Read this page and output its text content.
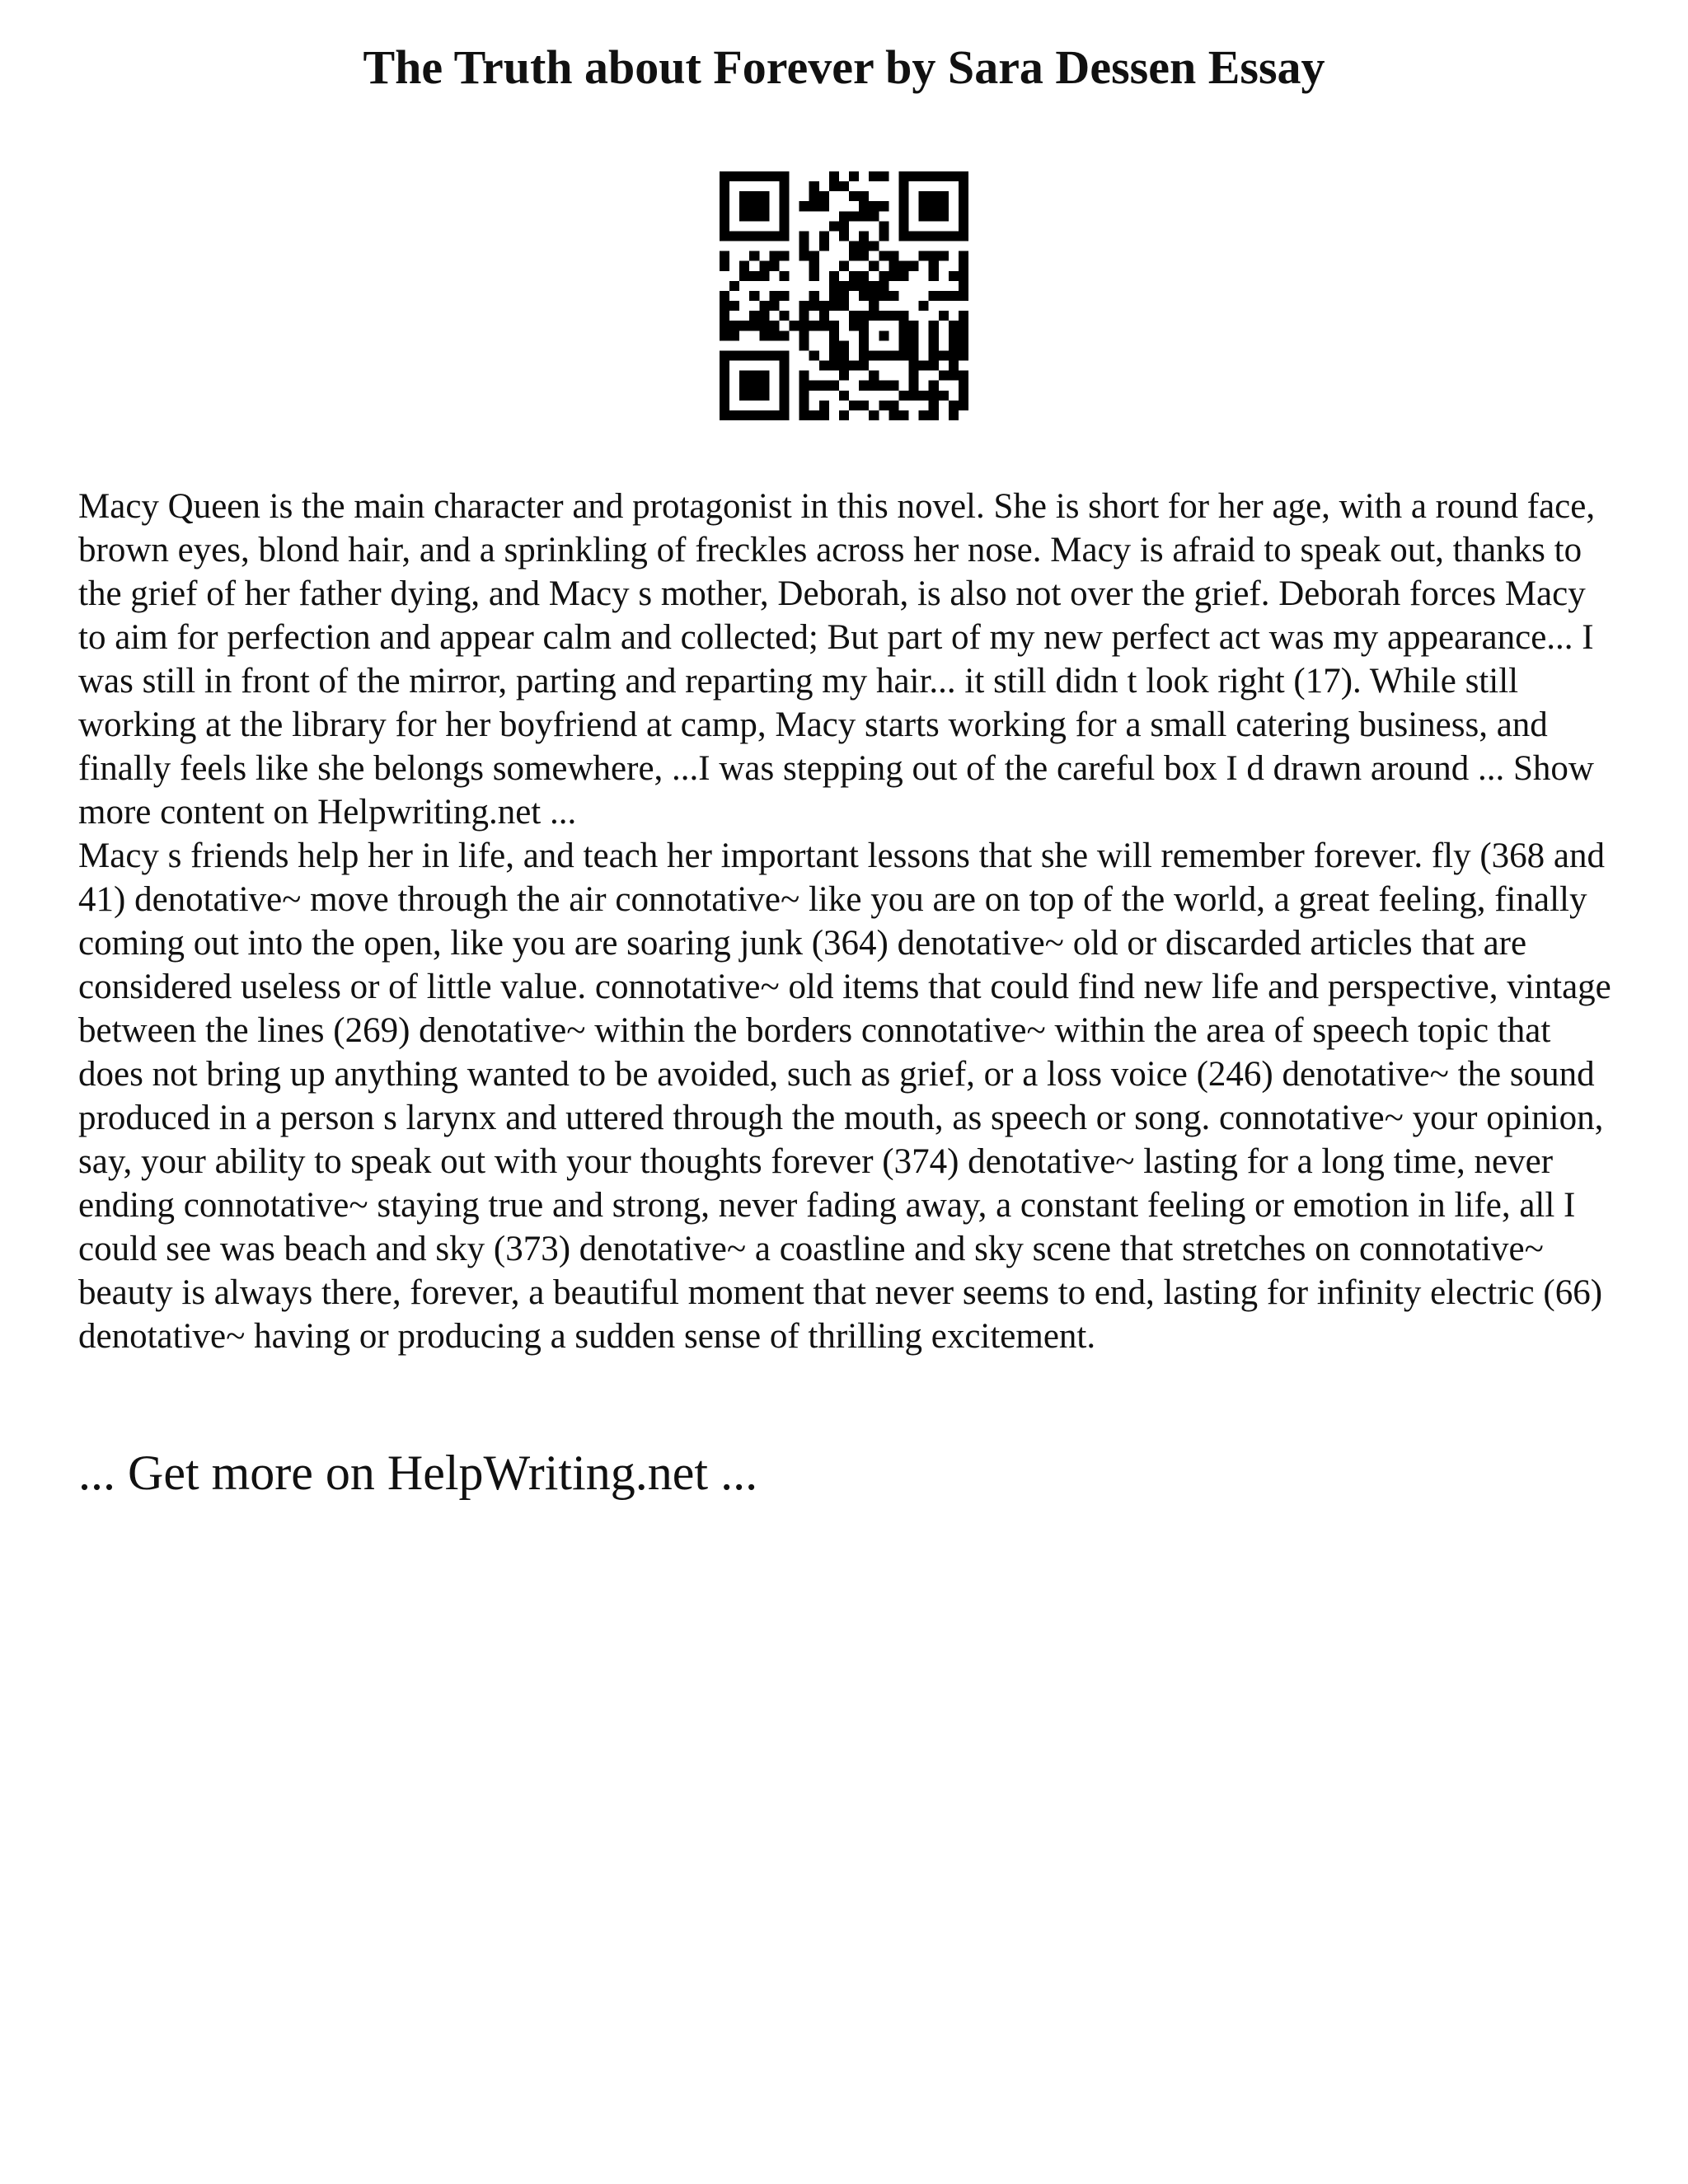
The Truth about Forever by Sara Dessen Essay

Macy Queen is the main character and protagonist in this novel. She is short for her age, with a round face, brown eyes, blond hair, and a sprinkling of freckles across her nose. Macy is afraid to speak out, thanks to the grief of her father dying, and Macy s mother, Deborah, is also not over the grief. Deborah forces Macy to aim for perfection and appear calm and collected; But part of my new perfect act was my appearance... I was still in front of the mirror, parting and reparting my hair... it still didn t look right (17). While still working at the library for her boyfriend at camp, Macy starts working for a small catering business, and finally feels like she belongs somewhere, ...I was stepping out of the careful box I d drawn around ... Show more content on Helpwriting.net ...

Macy s friends help her in life, and teach her important lessons that she will remember forever. fly (368 and 41) denotative~ move through the air connotative~ like you are on top of the world, a great feeling, finally coming out into the open, like you are soaring junk (364) denotative~ old or discarded articles that are considered useless or of little value. connotative~ old items that could find new life and perspective, vintage between the lines (269) denotative~ within the borders connotative~ within the area of speech topic that does not bring up anything wanted to be avoided, such as grief, or a loss voice (246) denotative~ the sound produced in a person s larynx and uttered through the mouth, as speech or song. connotative~ your opinion, say, your ability to speak out with your thoughts forever (374) denotative~ lasting for a long time, never ending connotative~ staying true and strong, never fading away, a constant feeling or emotion in life, all I could see was beach and sky (373) denotative~ a coastline and sky scene that stretches on connotative~ beauty is always there, forever, a beautiful moment that never seems to end, lasting for infinity electric (66) denotative~ having or producing a sudden sense of thrilling excitement.

... Get more on HelpWriting.net ...
